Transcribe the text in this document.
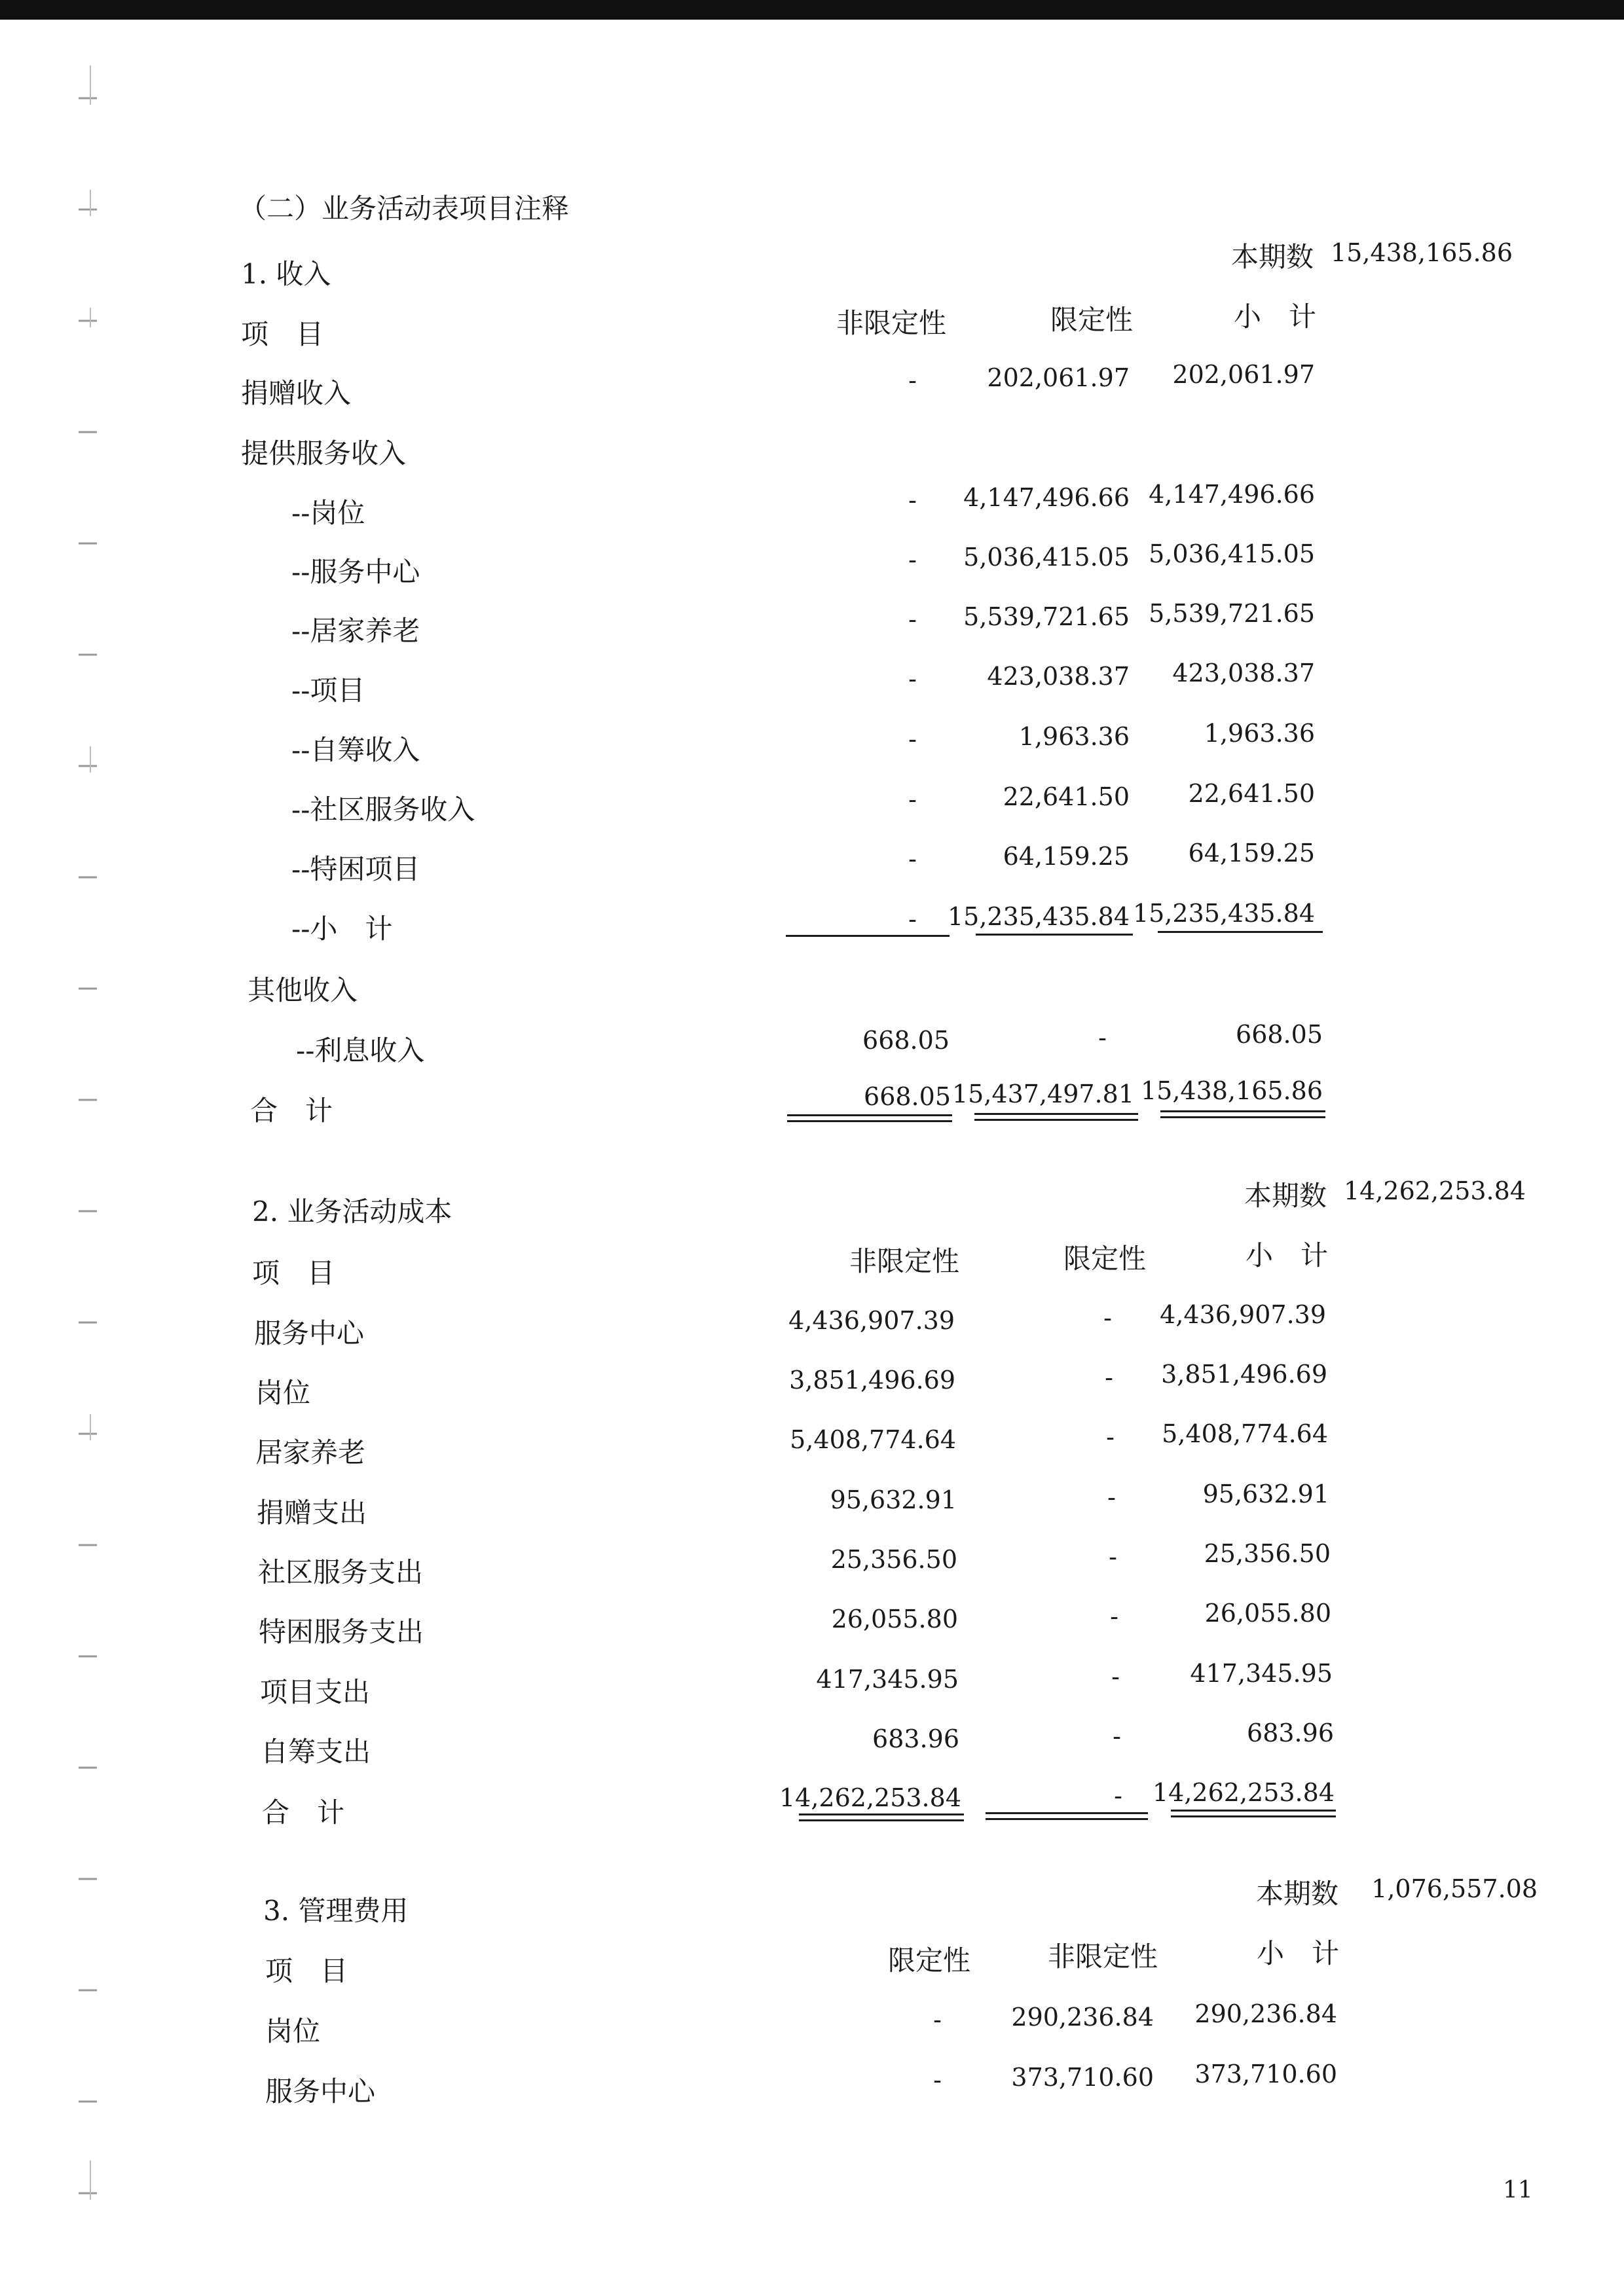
（二）业务活动表项目注释
1. 收入
本期数 15,438,165.86
项　目	非限定性	限定性	小　计
捐赠收入	-	202,061.97	202,061.97
提供服务收入
--岗位	-	4,147,496.66 4,147,496.66
--服务中心	-	5,036,415.05 5,036,415.05
--居家养老	-	5,539,721.65 5,539,721.65
--项目	-	423,038.37	423,038.37
--自筹收入	-	1,963.36	1,963.36
--社区服务收入	-	22,641.50	22,641.50
--特困项目	-	64,159.25	64,159.25
--小　计	-	15,235,435.84 15,235,435.84
其他收入
--利息收入	668.05	-	668.05
合　计	668.05 15,437,497.81 15,438,165.86
2. 业务活动成本	本期数 14,262,253.84
项　目	非限定性	限定性	小　计
服务中心	4,436,907.39	-	4,436,907.39
岗位	3,851,496.69	-	3,851,496.69
居家养老	5,408,774.64	-	5,408,774.64
捐赠支出	95,632.91	-	95,632.91
社区服务支出	25,356.50	-	25,356.50
特困服务支出	26,055.80	-	26,055.80
项目支出	417,345.95	-	417,345.95
自筹支出	683.96	-	683.96
合　计	14,262,253.84	-	14,262,253.84
3. 管理费用
本期数	1,076,557.08
项　目	限定性	非限定性	小　计
岗位	-	290,236.84	290,236.84
服务中心	-	373,710.60	373,710.60
11
